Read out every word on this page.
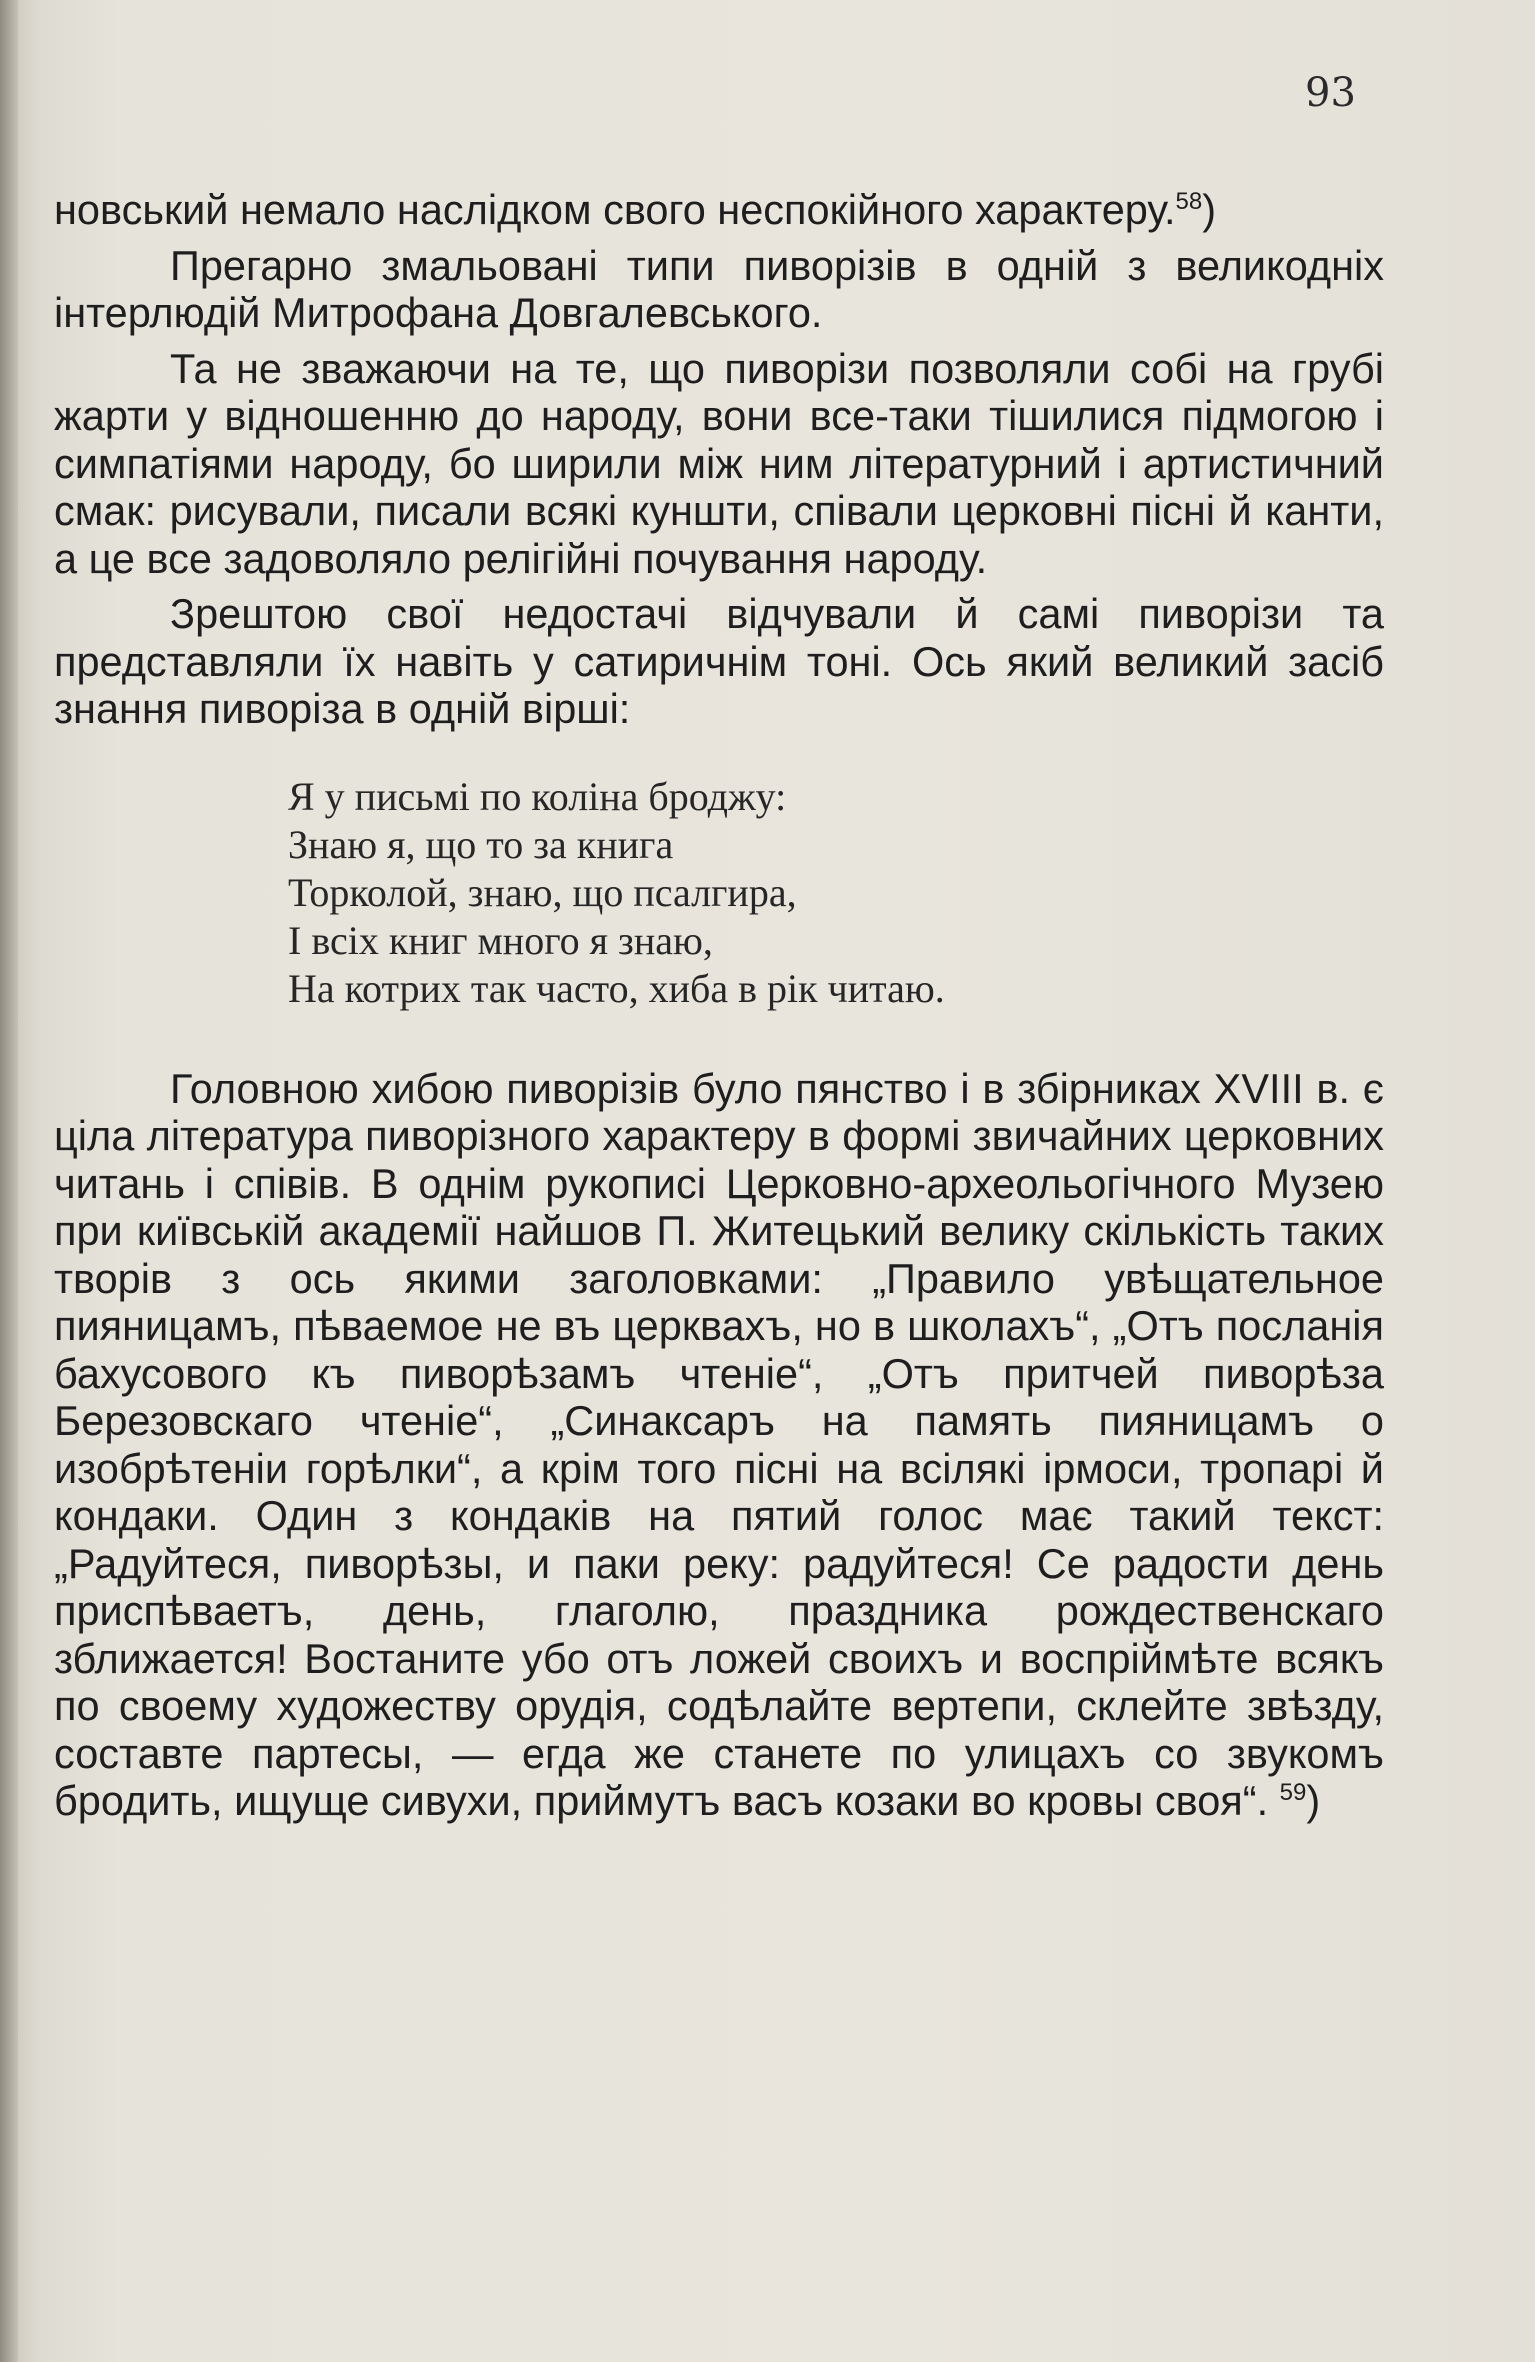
93

новський немало наслідком свого неспокійного характеру.$^{58}$)

Прегарно змальовані типи пиворізів в одній з великодніх інтерлюдій Митрофана Довгалевського.

Та не зважаючи на те, що пиворізи позволяли собі на грубі жарти у відношенню до народу, вони все-таки тішилися підмогою і симпатіями народу, бо ширили між ним літературний і артистичний смак: рисували, писали всякі куншти, співали церковні пісні й канти, а це все задоволяло релігійні почування народу.

Зрештою свої недостачі відчували й самі пиворізи та представляли їх навіть у сатиричнім тоні. Ось який великий засіб знання пиворіза в одній вірші:

Я у письмі по коліна броджу:
Знаю я, що то за книга
Торколой, знаю, що псалгира,
І всіх книг много я знаю,
На котрих так часто, хиба в рік читаю.

Головною хибою пиворізів було пянство і в збірниках XVIII в. є ціла література пиворізного характеру в формі звичайних церковних читань і співів. В однім рукописі Церковно-археольогічного Музею при київській академії найшов П. Житецький велику скількість таких творів з ось якими заголовками: „Правило увѣщательное пияницамъ, пѣваемое не въ церквахъ, но в школахъ“, „Отъ посланія бахусового къ пиворѣзамъ чтеніе“, „Отъ притчей пиворѣза Березовскаго чтеніе“, „Синаксаръ на память пияницамъ о изобрѣтеніи горѣлки“, а крім того пісні на всілякі ірмоси, тропарі й кондаки. Один з кондаків на пятий голос має такий текст: „Радуйтеся, пиворѣзы, и паки реку: радуйтеся! Се радости день приспѣваетъ, день, глаголю, праздника рождественскаго зближается! Востаните убо отъ ложей своихъ и воспріймѣте всякъ по своему художеству орудія, содѣлайте вертепи, склейте звѣзду, составте партесы, — егда же станете по улицахъ со звукомъ бродить, ищуще сивухи, приймутъ васъ козаки во кровы своя“. $^{59}$)
